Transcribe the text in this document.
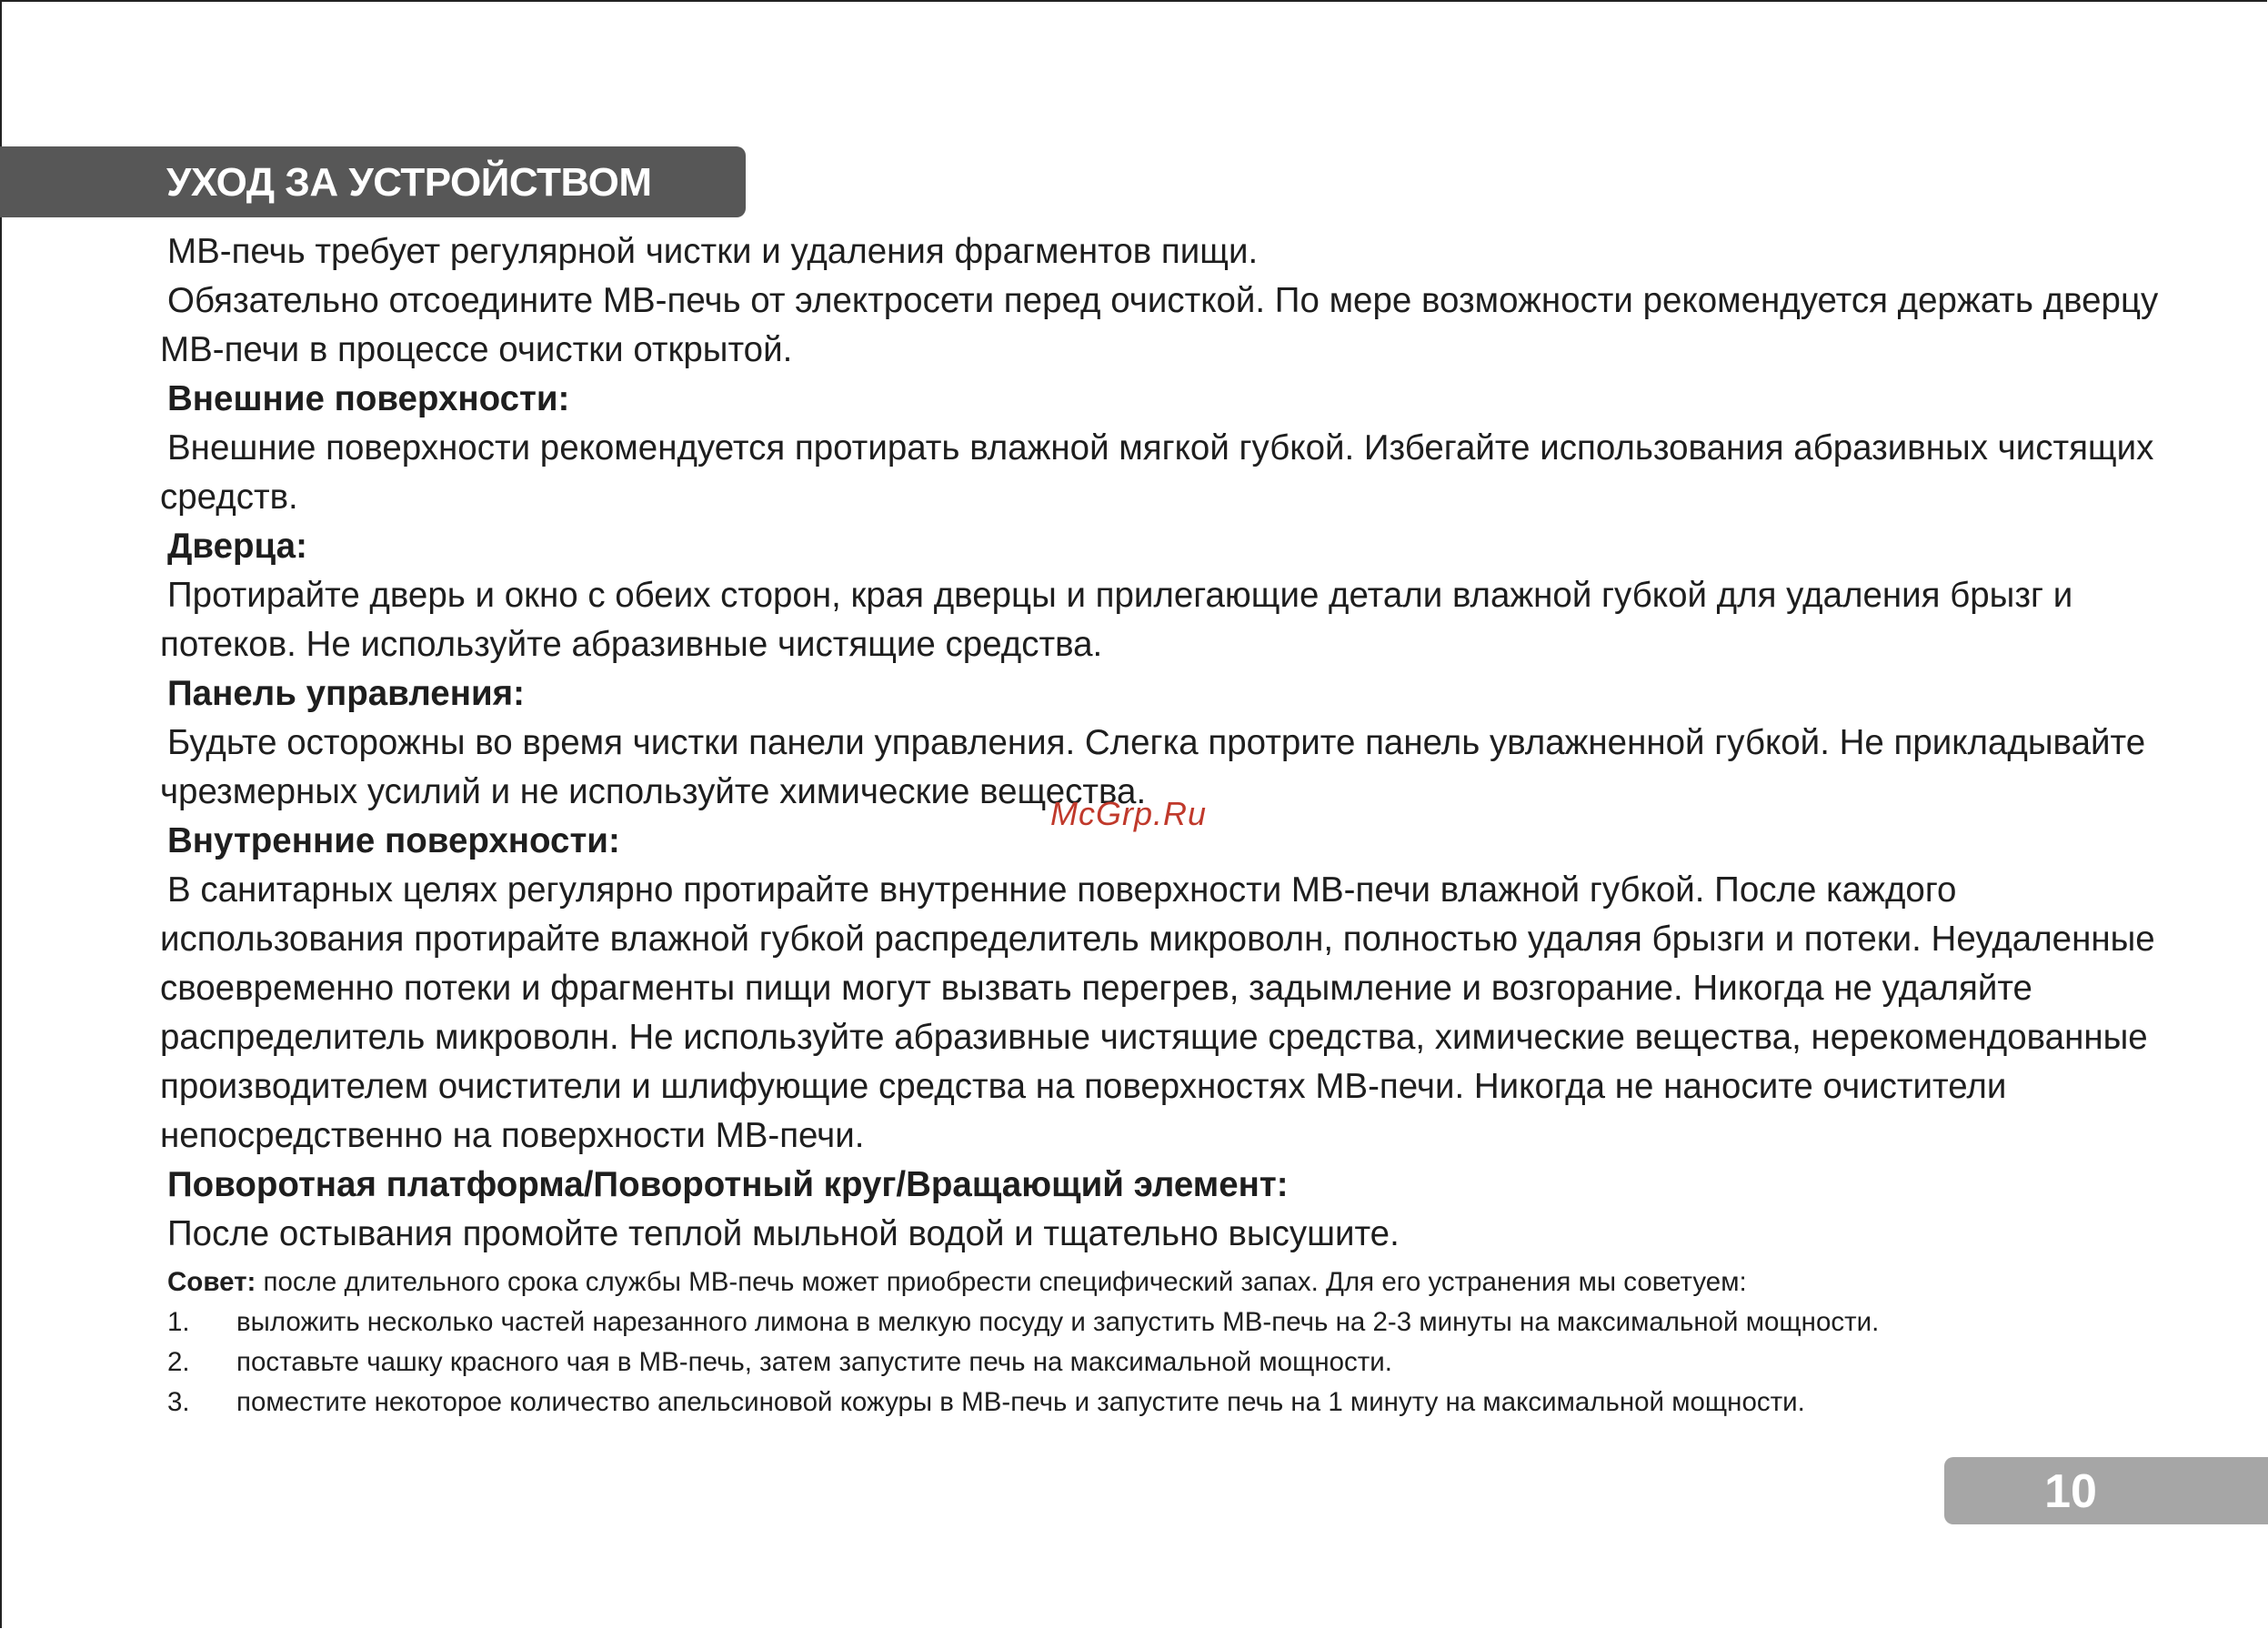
УХОД ЗА УСТРОЙСТВОМ

МВ-печь требует регулярной чистки и удаления фрагментов пищи.

Обязательно отсоедините МВ-печь от электросети перед очисткой. По мере возможности рекомендуется держать дверцу МВ-печи в процессе очистки открытой.

Внешние поверхности:

Внешние поверхности рекомендуется протирать влажной мягкой губкой. Избегайте использования абразивных чистящих средств.

Дверца:

Протирайте дверь и окно с обеих сторон, края дверцы и прилегающие детали влажной губкой для удаления брызг и потеков. Не используйте абразивные чистящие средства.

Панель управления:

Будьте осторожны во время чистки панели управления. Слегка протрите панель увлажненной губкой. Не прикладывайте чрезмерных усилий и не используйте химические вещества.

Внутренние поверхности:

В санитарных целях регулярно протирайте внутренние поверхности МВ-печи влажной губкой. После каждого использования протирайте влажной губкой распределитель микроволн, полностью удаляя брызги и потеки. Неудаленные своевременно потеки и фрагменты пищи могут вызвать перегрев, задымление и возгорание. Никогда не удаляйте распределитель микроволн. Не используйте абразивные чистящие средства, химические вещества, нерекомендованные производителем очистители и шлифующие средства на поверхностях МВ-печи. Никогда не наносите очистители непосредственно на поверхности МВ-печи.

Поворотная платформа/Поворотный круг/Вращающий элемент:

После остывания промойте теплой мыльной водой и тщательно высушите.

Совет: после длительного срока службы МВ-печь может приобрести специфический запах. Для его устранения мы советуем:

1. выложить несколько частей нарезанного лимона в мелкую посуду и запустить МВ-печь на 2-3 минуты на максимальной мощности.
2. поставьте чашку красного чая в МВ-печь, затем запустите печь на максимальной мощности.
3. поместите некоторое количество апельсиновой кожуры в МВ-печь и запустите печь на 1 минуту на максимальной мощности.
McGrp.Ru
10
